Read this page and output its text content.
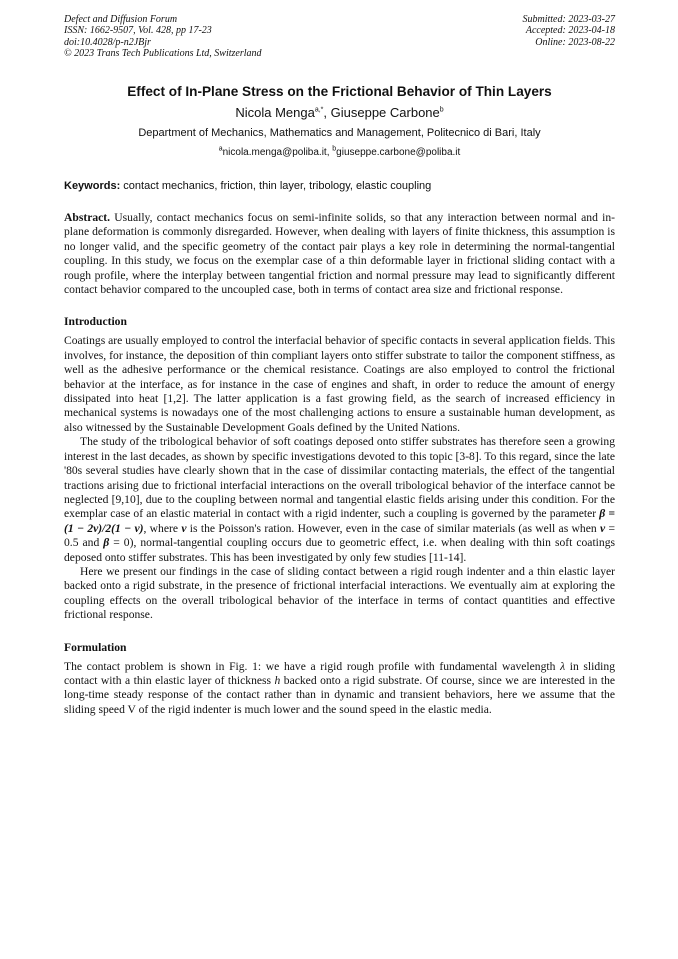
Defect and Diffusion Forum
ISSN: 1662-9507, Vol. 428, pp 17-23
doi:10.4028/p-n2JBjr
© 2023 Trans Tech Publications Ltd, Switzerland
Submitted: 2023-03-27
Accepted: 2023-04-18
Online: 2023-08-22
Effect of In-Plane Stress on the Frictional Behavior of Thin Layers
Nicola Menga$^{a,*}$, Giuseppe Carbone$^b$
Department of Mechanics, Mathematics and Management, Politecnico di Bari, Italy
$^a$nicola.menga@poliba.it, $^b$giuseppe.carbone@poliba.it
Keywords: contact mechanics, friction, thin layer, tribology, elastic coupling
Abstract. Usually, contact mechanics focus on semi-infinite solids, so that any interaction between normal and in-plane deformation is commonly disregarded. However, when dealing with layers of finite thickness, this assumption is no longer valid, and the specific geometry of the contact pair plays a key role in determining the normal-tangential coupling. In this study, we focus on the exemplar case of a thin deformable layer in frictional sliding contact with a rough profile, where the interplay between tangential friction and normal pressure may lead to significantly different contact behavior compared to the uncoupled case, both in terms of contact area size and frictional response.
Introduction

Coatings are usually employed to control the interfacial behavior of specific contacts in several application fields. This involves, for instance, the deposition of thin compliant layers onto stiffer substrate to tailor the component stiffness, as well as the adhesive performance or the chemical resistance. Coatings are also employed to control the frictional behavior at the interface, as for instance in the case of engines and shaft, in order to reduce the amount of energy dissipated into heat [1,2]. The latter application is a fast growing field, as the search of increased efficiency in mechanical systems is nowadays one of the most challenging actions to ensure a sustainable human development, as also witnessed by the Sustainable Development Goals defined by the United Nations.

The study of the tribological behavior of soft coatings deposed onto stiffer substrates has therefore seen a growing interest in the last decades, as shown by specific investigations devoted to this topic [3-8]. To this regard, since the late '80s several studies have clearly shown that in the case of dissimilar contacting materials, the effect of the tangential tractions arising due to frictional interfacial interactions on the overall tribological behavior of the interface cannot be neglected [9,10], due to the coupling between normal and tangential elastic fields arising under this condition. For the exemplar case of an elastic material in contact with a rigid indenter, such a coupling is governed by the parameter β = (1 − 2ν)/2(1 − ν), where ν is the Poisson's ration. However, even in the case of similar materials (as well as when ν = 0.5 and β = 0), normal-tangential coupling occurs due to geometric effect, i.e. when dealing with thin soft coatings deposed onto stiffer substrates. This has been investigated by only few studies [11-14].

Here we present our findings in the case of sliding contact between a rigid rough indenter and a thin elastic layer backed onto a rigid substrate, in the presence of frictional interfacial interactions. We eventually aim at exploring the coupling effects on the overall tribological behavior of the interface in terms of contact quantities and effective frictional response.

Formulation

The contact problem is shown in Fig. 1: we have a rigid rough profile with fundamental wavelength λ in sliding contact with a thin elastic layer of thickness h backed onto a rigid substrate. Of course, since we are interested in the long-time steady response of the contact rather than in dynamic and transient behaviors, here we assume that the sliding speed V of the rigid indenter is much lower and the sound speed in the elastic media.
